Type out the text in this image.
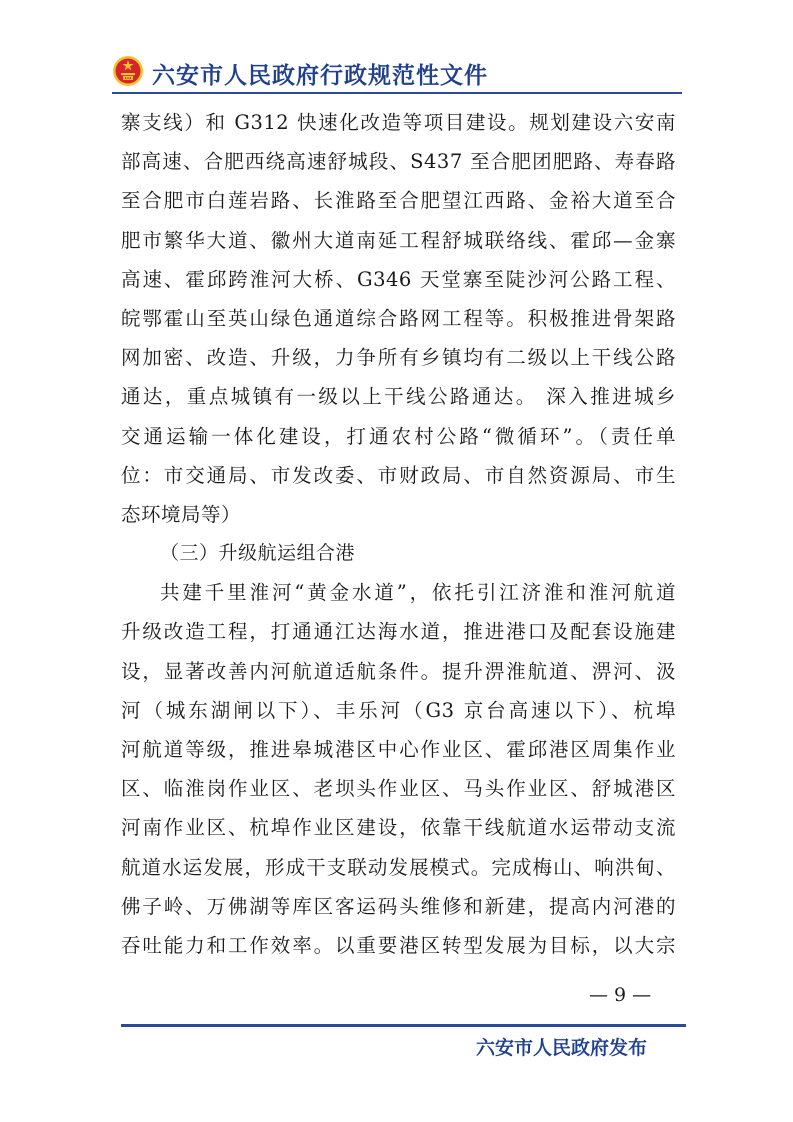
六安市人民政府行政规范性文件
寨支线）和 G312 快速化改造等项目建设。规划建设六安南
部高速、合肥西绕高速舒城段、S437 至合肥团肥路、寿春路
至合肥市白莲岩路、长淮路至合肥望江西路、金裕大道至合
肥市繁华大道、徽州大道南延工程舒城联络线、霍邱—金寨
高速、霍邱跨淮河大桥、G346 天堂寨至陡沙河公路工程、
皖鄂霍山至英山绿色通道综合路网工程等。积极推进骨架路
网加密、改造、升级，力争所有乡镇均有二级以上干线公路
通达，重点城镇有一级以上干线公路通达。 深入推进城乡
交通运输一体化建设，打通农村公路“微循环”。（责任单
位：市交通局、市发改委、市财政局、市自然资源局、市生
态环境局等）
（三）升级航运组合港
共建千里淮河“黄金水道”，依托引江济淮和淮河航道
升级改造工程，打通通江达海水道，推进港口及配套设施建
设，显著改善内河航道适航条件。提升淠淮航道、淠河、汲
河（城东湖闸以下）、丰乐河（G3 京台高速以下）、杭埠
河航道等级，推进皋城港区中心作业区、霍邱港区周集作业
区、临淮岗作业区、老坝头作业区、马头作业区、舒城港区
河南作业区、杭埠作业区建设，依靠干线航道水运带动支流
航道水运发展，形成干支联动发展模式。完成梅山、响洪甸、
佛子岭、万佛湖等库区客运码头维修和新建，提高内河港的
吞吐能力和工作效率。以重要港区转型发展为目标，以大宗
— 9 —
六安市人民政府发布
